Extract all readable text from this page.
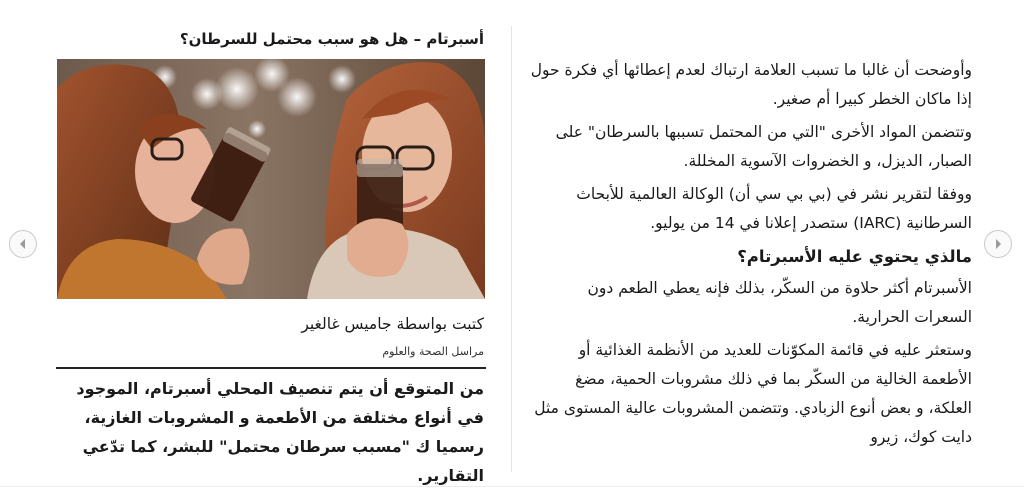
وأوضحت أن غالبا ما تسبب العلامة ارتباك لعدم إعطائها أي فكرة حول إذا ماكان الخطر كبيرا أم صغير.

وتتضمن المواد الأخرى "التي من المحتمل تسببها بالسرطان" على الصبار، الديزل، و الخضروات الآسوية المخللة.

ووفقا لتقرير نشر في (بي بي سي أن) الوكالة العالمية للأبحاث السرطانية (IARC) ستصدر إعلانا في 14 من يوليو.

مالذي يحتوي عليه الأسبرتام؟

الأسبرتام أكثر حلاوة من السكّر، بذلك فإنه يعطي الطعم دون السعرات الحرارية.

وستعثر عليه في قائمة المكوّنات للعديد من الأنظمة الغذائية أو الأطعمة الخالية من السكّر بما في ذلك مشروبات الحمية، مضغ العلكة، و بعض أنوع الزبادي. وتتضمن المشروبات عالية المستوى مثل دايت كوك، زيرو

أسبرتام – هل هو سبب محتمل للسرطان؟
كتبت بواسطة جاميس غالغير
مراسل الصحة والعلوم
من المتوقع أن يتم تنصيف المحلي أسبرتام، الموجود في أنواع مختلفة من الأطعمة و المشروبات الغازية، رسميا ك "مسبب سرطان محتمل" للبشر، كما تدّعي التقارير.
